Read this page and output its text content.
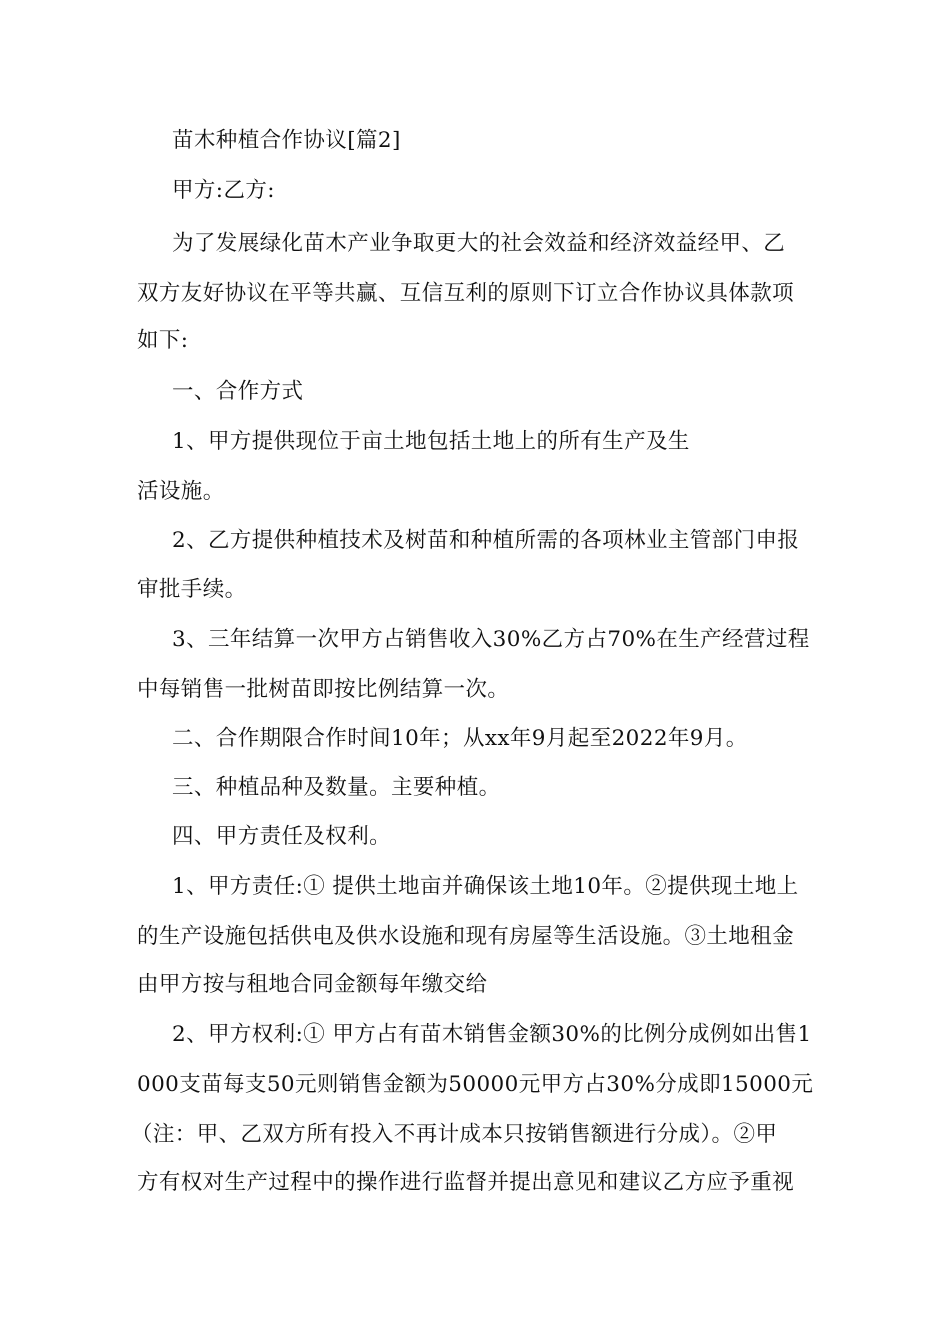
苗木种植合作协议[篇2]
甲方:乙方:
为了发展绿化苗木产业争取更大的社会效益和经济效益经甲、乙
双方友好协议在平等共赢、互信互利的原则下订立合作协议具体款项
如下:
一、合作方式
1、甲方提供现位于亩土地包括土地上的所有生产及生
活设施。
2、乙方提供种植技术及树苗和种植所需的各项林业主管部门申报
审批手续。
3、三年结算一次甲方占销售收入30%乙方占70%在生产经营过程
中每销售一批树苗即按比例结算一次。
二、合作期限合作时间10年；从xx年9月起至2022年9月。
三、种植品种及数量。主要种植。
四、甲方责任及权利。
1、甲方责任:① 提供土地亩并确保该土地10年。②提供现土地上
的生产设施包括供电及供水设施和现有房屋等生活设施。③土地租金
由甲方按与租地合同金额每年缴交给
2、甲方权利:① 甲方占有苗木销售金额30%的比例分成例如出售1
000支苗每支50元则销售金额为50000元甲方占30%分成即15000元
（注：甲、乙双方所有投入不再计成本只按销售额进行分成）。②甲
方有权对生产过程中的操作进行监督并提出意见和建议乙方应予重视
